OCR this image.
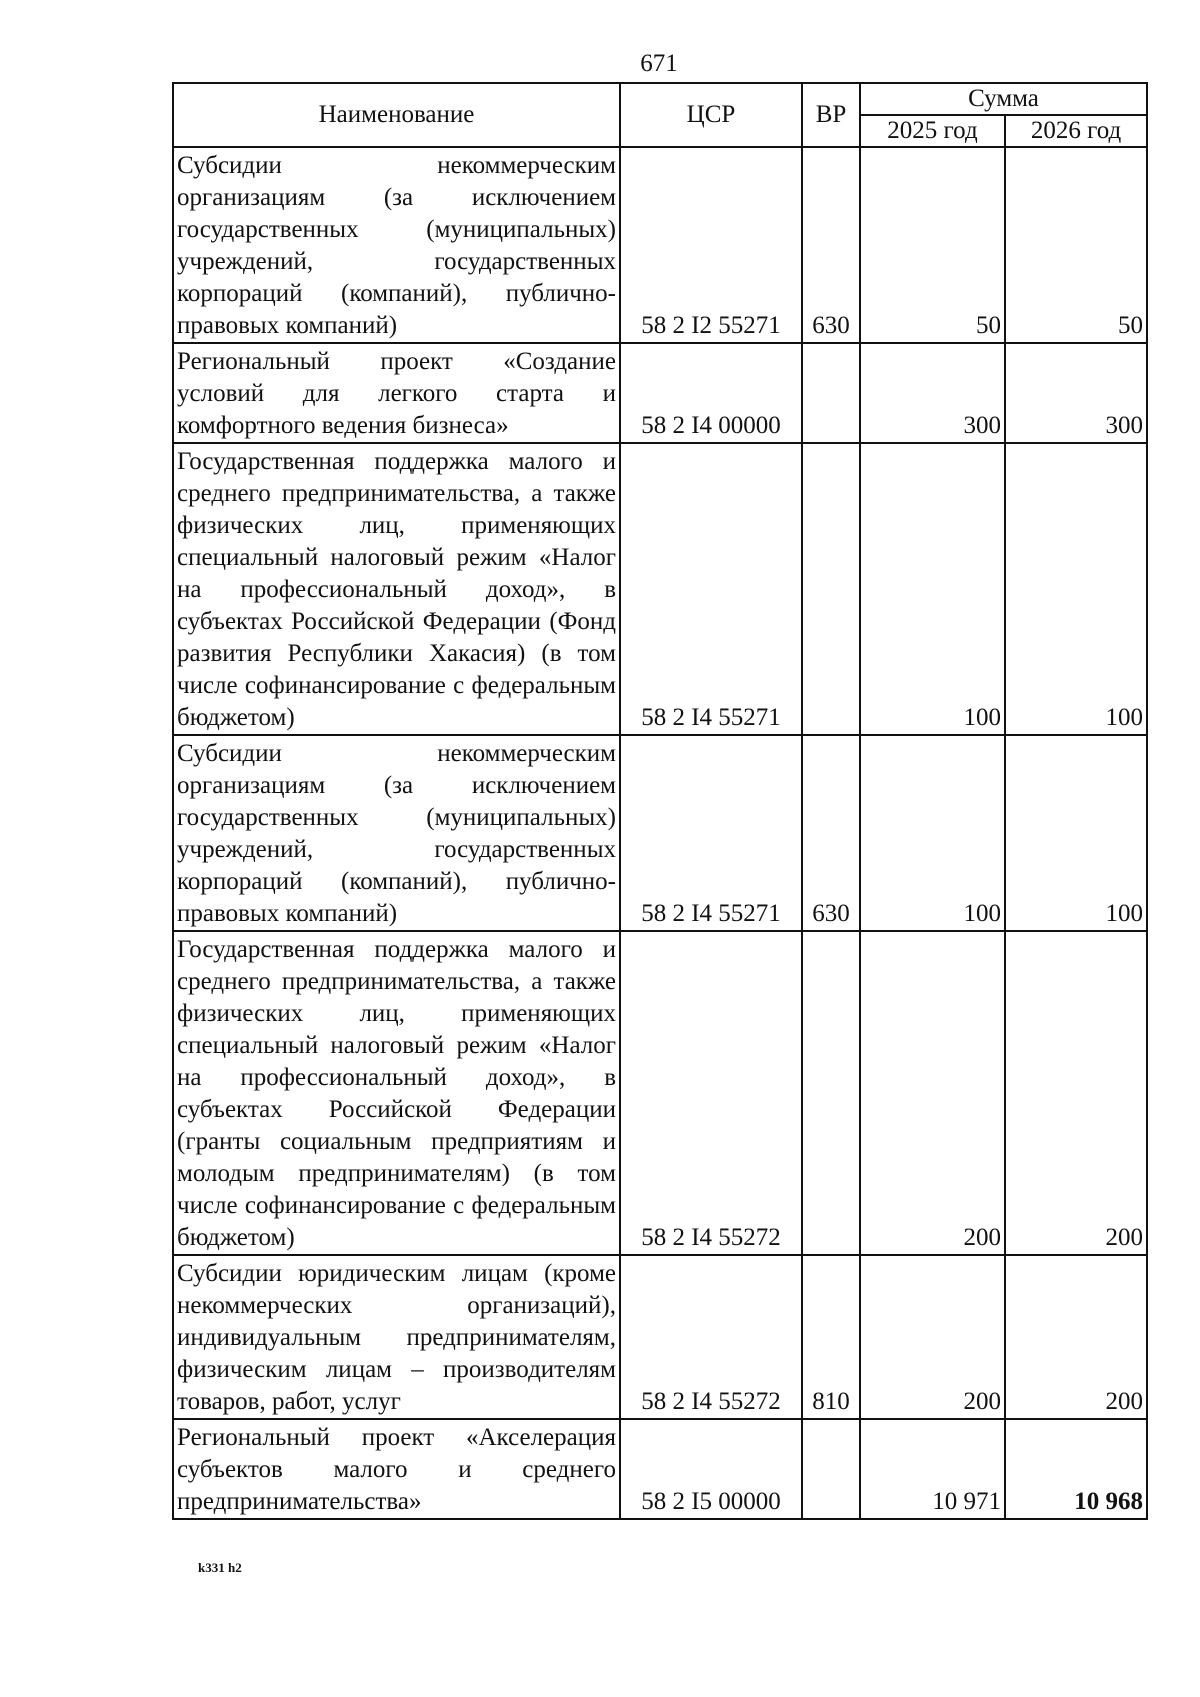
671
Наименование	ЦСР	ВР	Сумма	
			2025 год	2026 год
Субсидии некоммерческим организациям (за исключением государственных (муниципальных) учреждений, государственных корпораций (компаний), публично-правовых компаний)	58 2 I2 55271	630	50	50
Региональный проект «Создание условий для легкого старта и комфортного ведения бизнеса»	58 2 I4 00000		300	300
Государственная поддержка малого и среднего предпринимательства, а также физических лиц, применяющих специальный налоговый режим «Налог на профессиональный доход», в субъектах Российской Федерации (Фонд развития Республики Хакасия) (в том числе софинансирование с федеральным бюджетом)	58 2 I4 55271		100	100
Субсидии некоммерческим организациям (за исключением государственных (муниципальных) учреждений, государственных корпораций (компаний), публично-правовых компаний)	58 2 I4 55271	630	100	100
Государственная поддержка малого и среднего предпринимательства, а также физических лиц, применяющих специальный налоговый режим «Налог на профессиональный доход», в субъектах Российской Федерации (гранты социальным предприятиям и молодым предпринимателям) (в том числе софинансирование с федеральным бюджетом)	58 2 I4 55272		200	200
Субсидии юридическим лицам (кроме некоммерческих организаций), индивидуальным предпринимателям, физическим лицам – производителям товаров, работ, услуг	58 2 I4 55272	810	200	200
Региональный проект «Акселерация субъектов малого и среднего предпринимательства»	58 2 I5 00000		10 971	10 968
k331 h2
